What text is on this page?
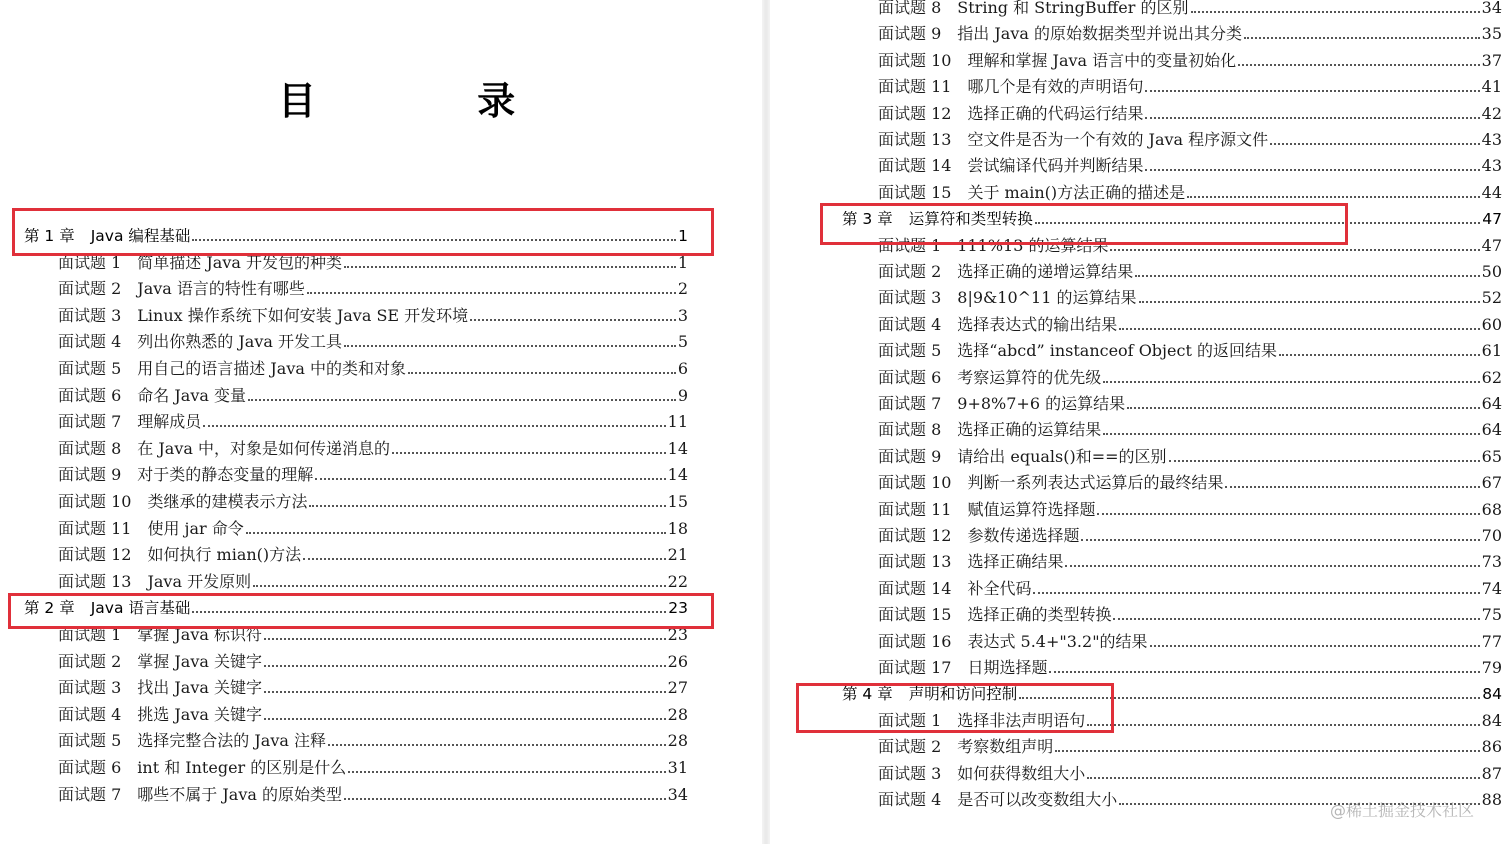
目 录
第 1 章 Java 编程基础	1
面试题 1 简单描述 Java 开发包的种类	1
面试题 2 Java 语言的特性有哪些	2
面试题 3 Linux 操作系统下如何安装 Java SE 开发环境	3
面试题 4 列出你熟悉的 Java 开发工具	5
面试题 5 用自己的语言描述 Java 中的类和对象	6
面试题 6 命名 Java 变量	9
面试题 7 理解成员	11
面试题 8 在 Java 中，对象是如何传递消息的	14
面试题 9 对于类的静态变量的理解	14
面试题 10 类继承的建模表示方法	15
面试题 11 使用 jar 命令	18
面试题 12 如何执行 mian()方法	21
面试题 13 Java 开发原则	22
第 2 章 Java 语言基础	23
面试题 1 掌握 Java 标识符	23
面试题 2 掌握 Java 关键字	26
面试题 3 找出 Java 关键字	27
面试题 4 挑选 Java 关键字	28
面试题 5 选择完整合法的 Java 注释	28
面试题 6 int 和 Integer 的区别是什么	31
面试题 7 哪些不属于 Java 的原始类型	34
面试题 8 String 和 StringBuffer 的区别	34
面试题 9 指出 Java 的原始数据类型并说出其分类	35
面试题 10 理解和掌握 Java 语言中的变量初始化	37
面试题 11 哪几个是有效的声明语句	41
面试题 12 选择正确的代码运行结果	42
面试题 13 空文件是否为一个有效的 Java 程序源文件	43
面试题 14 尝试编译代码并判断结果	43
面试题 15 关于 main()方法正确的描述是	44
第 3 章 运算符和类型转换	47
面试题 1 111%13 的运算结果	47
面试题 2 选择正确的递增运算结果	50
面试题 3 8|9&10^11 的运算结果	52
面试题 4 选择表达式的输出结果	60
面试题 5 选择“abcd” instanceof Object 的返回结果	61
面试题 6 考察运算符的优先级	62
面试题 7 9+8%7+6 的运算结果	64
面试题 8 选择正确的运算结果	64
面试题 9 请给出 equals()和==的区别	65
面试题 10 判断一系列表达式运算后的最终结果	67
面试题 11 赋值运算符选择题	68
面试题 12 参数传递选择题	70
面试题 13 选择正确结果	73
面试题 14 补全代码	74
面试题 15 选择正确的类型转换	75
面试题 16 表达式 5.4+"3.2"的结果	77
面试题 17 日期选择题	79
第 4 章 声明和访问控制	84
面试题 1 选择非法声明语句	84
面试题 2 考察数组声明	86
面试题 3 如何获得数组大小	87
面试题 4 是否可以改变数组大小	88
@稀土掘金技术社区
